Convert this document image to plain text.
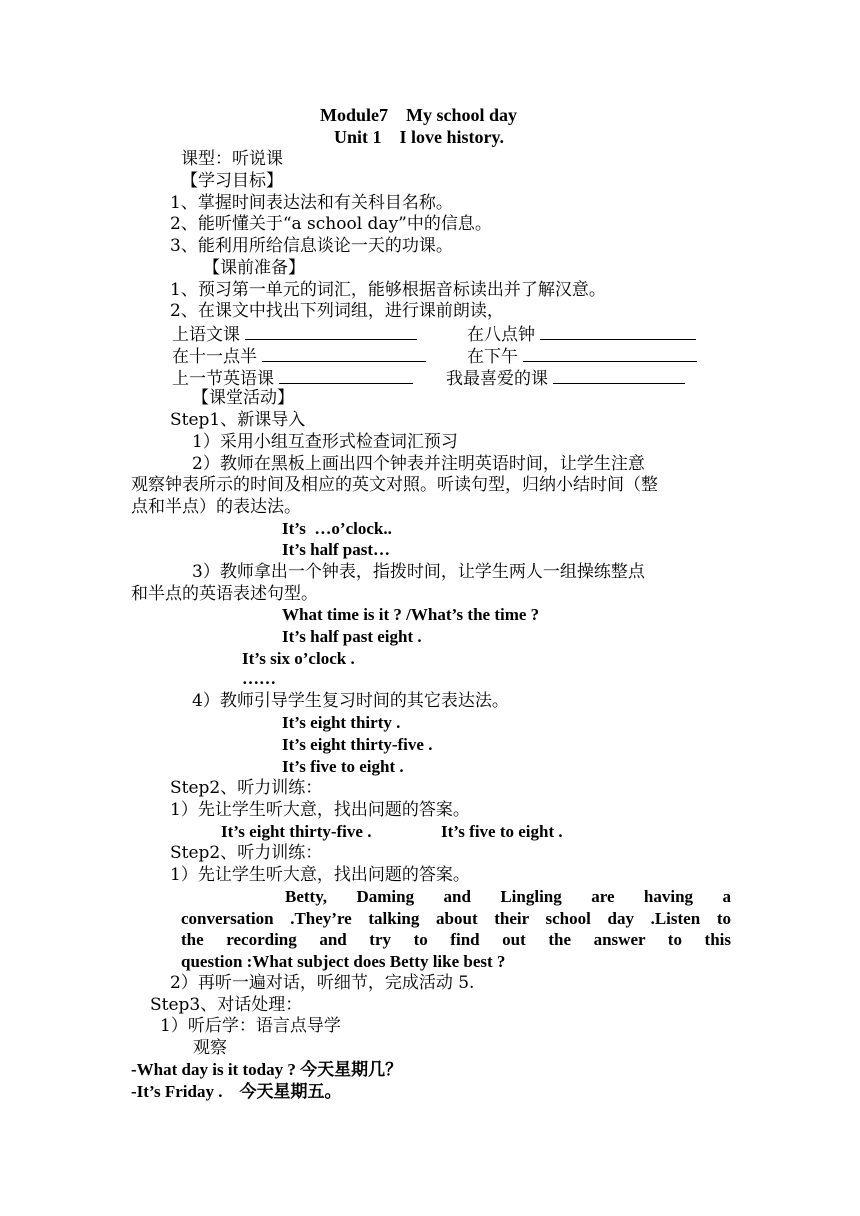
Module7    My school day
Unit 1    I love history.
课型：听说课
【学习目标】
1、掌握时间表达法和有关科目名称。
2、能听懂关于“a school day”中的信息。
3、能利用所给信息谈论一天的功课。
【课前准备】
1、预习第一单元的词汇，能够根据音标读出并了解汉意。
2、在课文中找出下列词组，进行课前朗读，
上语文课	在八点钟
在十一点半	在下午
上一节英语课	我最喜爱的课
【课堂活动】
Step1、新课导入
1）采用小组互查形式检查词汇预习
2）教师在黑板上画出四个钟表并注明英语时间，让学生注意
观察钟表所示的时间及相应的英文对照。听读句型，归纳小结时间（整
点和半点）的表达法。
It’s  …o’clock..
It’s half past…
3）教师拿出一个钟表，指拨时间，让学生两人一组操练整点
和半点的英语表述句型。
What time is it ? /What’s the time ?
It’s half past eight .
It’s six o’clock .
……
4）教师引导学生复习时间的其它表达法。
It’s eight thirty .
It’s eight thirty-five .
It’s five to eight .
Step2、听力训练：
1）先让学生听大意，找出问题的答案。
It’s eight thirty-five .	It’s five to eight .
Step2、听力训练：
1）先让学生听大意，找出问题的答案。
Betty, Daming and Lingling are having a
conversation .They’re talking about their school day .Listen to
the recording and try to find out the answer to this
question :What subject does Betty like best ?
2）再听一遍对话，听细节，完成活动 5.
Step3、对话处理：
1）听后学：语言点导学
观察
-What day is it today ? 今天星期几？
-It’s Friday .    今天星期五。
